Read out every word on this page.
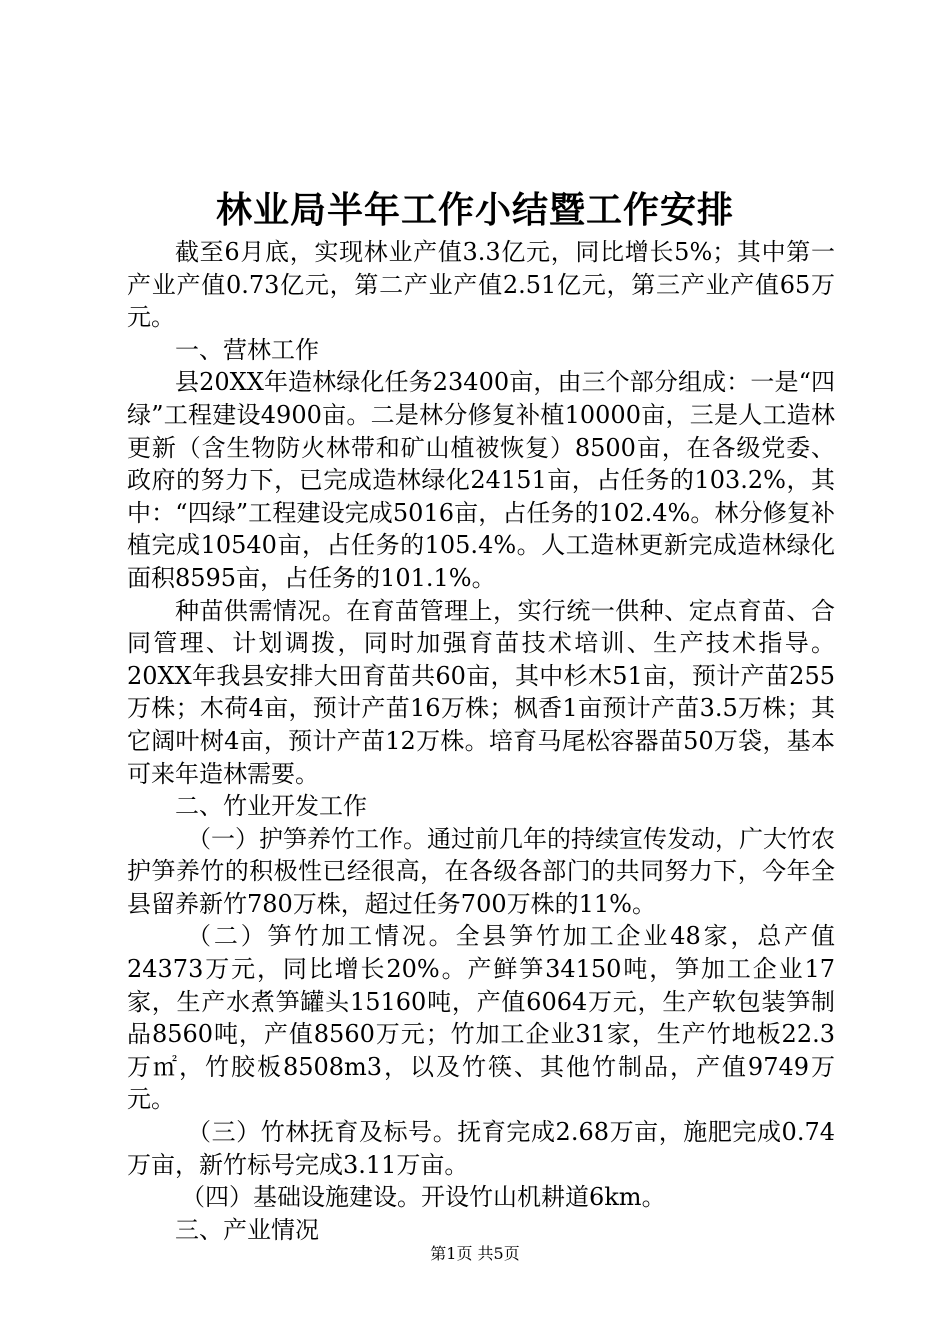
林业局半年工作小结暨工作安排

截至6月底，实现林业产值3.3亿元，同比增长5%；其中第一产业产值0.73亿元，第二产业产值2.51亿元，第三产业产值65万元。

一、营林工作

县20XX年造林绿化任务23400亩，由三个部分组成：一是“四绿”工程建设4900亩。二是林分修复补植10000亩，三是人工造林更新（含生物防火林带和矿山植被恢复）8500亩，在各级党委、政府的努力下，已完成造林绿化24151亩，占任务的103.2%，其中：“四绿”工程建设完成5016亩，占任务的102.4%。林分修复补植完成10540亩，占任务的105.4%。人工造林更新完成造林绿化面积8595亩，占任务的101.1%。

种苗供需情况。在育苗管理上，实行统一供种、定点育苗、合同管理、计划调拨，同时加强育苗技术培训、生产技术指导。20XX年我县安排大田育苗共60亩，其中杉木51亩，预计产苗255万株；木荷4亩，预计产苗16万株；枫香1亩预计产苗3.5万株；其它阔叶树4亩，预计产苗12万株。培育马尾松容器苗50万袋，基本可来年造林需要。

二、竹业开发工作

（一）护笋养竹工作。通过前几年的持续宣传发动，广大竹农护笋养竹的积极性已经很高，在各级各部门的共同努力下，今年全县留养新竹780万株，超过任务700万株的11%。

（二）笋竹加工情况。全县笋竹加工企业48家，总产值24373万元，同比增长20%。产鲜笋34150吨，笋加工企业17家，生产水煮笋罐头15160吨，产值6064万元，生产软包装笋制品8560吨，产值8560万元；竹加工企业31家，生产竹地板22.3万㎡，竹胶板8508m3，以及竹筷、其他竹制品，产值9749万元。

（三）竹林抚育及标号。抚育完成2.68万亩，施肥完成0.74万亩，新竹标号完成3.11万亩。

（四）基础设施建设。开设竹山机耕道6km。

三、产业情况

第1页 共5页
